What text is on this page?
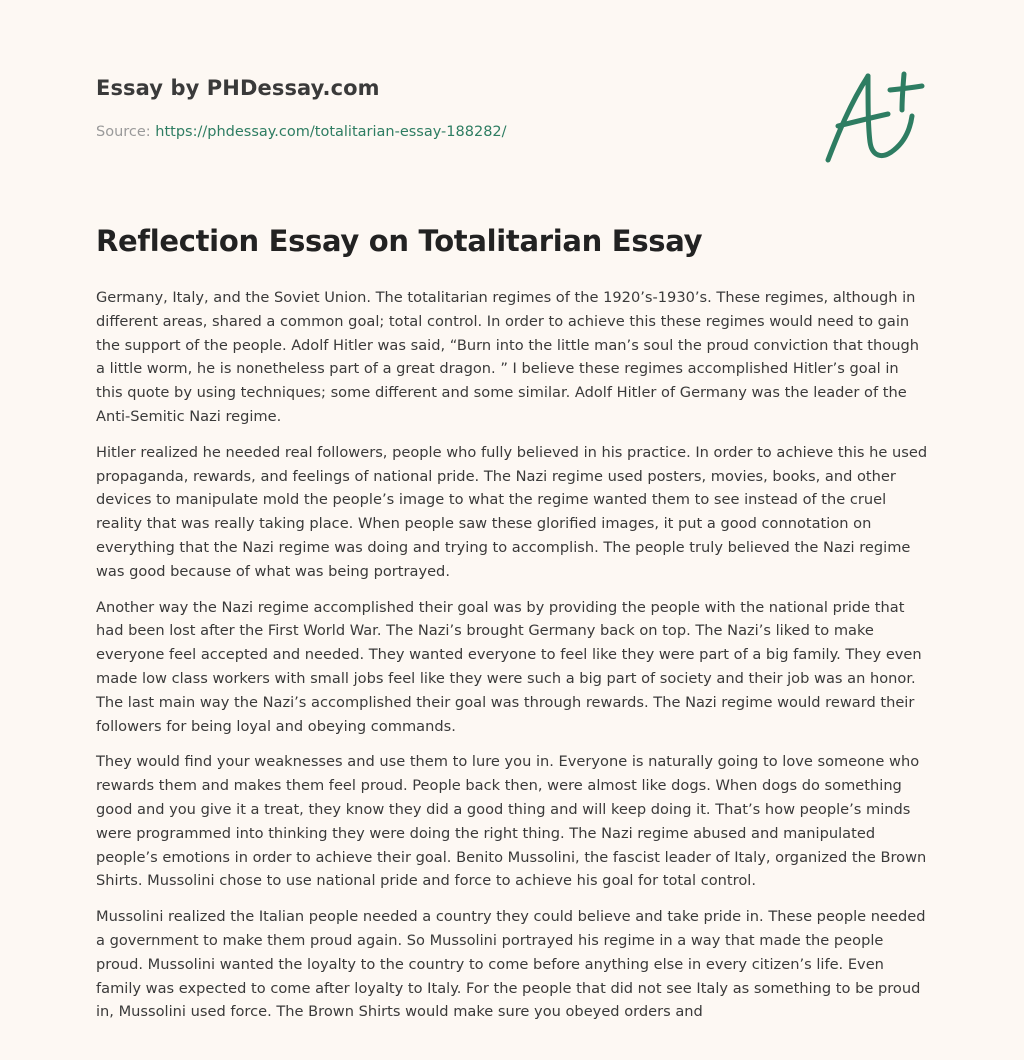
Essay by PHDessay.com
Source: https://phdessay.com/totalitarian-essay-188282/
Reflection Essay on Totalitarian Essay

Germany, Italy, and the Soviet Union. The totalitarian regimes of the 1920’s-1930’s. These regimes, although in different areas, shared a common goal; total control. In order to achieve this these regimes would need to gain the support of the people. Adolf Hitler was said, “Burn into the little man’s soul the proud conviction that though a little worm, he is nonetheless part of a great dragon. ” I believe these regimes accomplished Hitler’s goal in this quote by using techniques; some different and some similar. Adolf Hitler of Germany was the leader of the Anti-Semitic Nazi regime.

Hitler realized he needed real followers, people who fully believed in his practice. In order to achieve this he used propaganda, rewards, and feelings of national pride. The Nazi regime used posters, movies, books, and other devices to manipulate mold the people’s image to what the regime wanted them to see instead of the cruel reality that was really taking place. When people saw these glorified images, it put a good connotation on everything that the Nazi regime was doing and trying to accomplish. The people truly believed the Nazi regime was good because of what was being portrayed.

Another way the Nazi regime accomplished their goal was by providing the people with the national pride that had been lost after the First World War. The Nazi’s brought Germany back on top. The Nazi’s liked to make everyone feel accepted and needed. They wanted everyone to feel like they were part of a big family. They even made low class workers with small jobs feel like they were such a big part of society and their job was an honor. The last main way the Nazi’s accomplished their goal was through rewards. The Nazi regime would reward their followers for being loyal and obeying commands.

They would find your weaknesses and use them to lure you in. Everyone is naturally going to love someone who rewards them and makes them feel proud. People back then, were almost like dogs. When dogs do something good and you give it a treat, they know they did a good thing and will keep doing it. That’s how people’s minds were programmed into thinking they were doing the right thing. The Nazi regime abused and manipulated people’s emotions in order to achieve their goal. Benito Mussolini, the fascist leader of Italy, organized the Brown Shirts. Mussolini chose to use national pride and force to achieve his goal for total control.

Mussolini realized the Italian people needed a country they could believe and take pride in. These people needed a government to make them proud again. So Mussolini portrayed his regime in a way that made the people proud. Mussolini wanted the loyalty to the country to come before anything else in every citizen’s life. Even family was expected to come after loyalty to Italy. For the people that did not see Italy as something to be proud in, Mussolini used force. The Brown Shirts would make sure you obeyed orders and
